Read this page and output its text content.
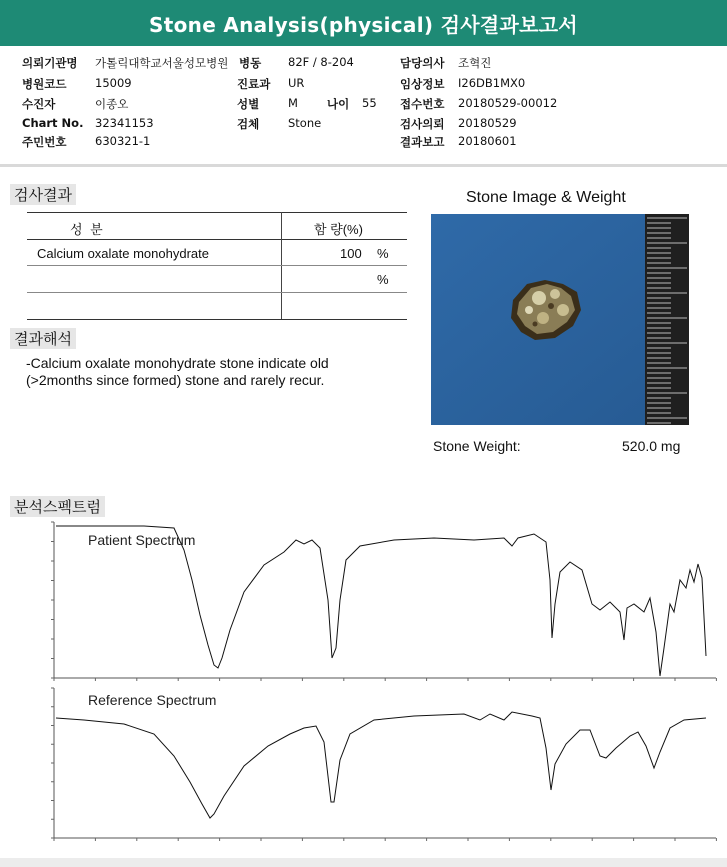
Stone Analysis(physical) 검사결과보고서
의뢰기관명 가톨릭대학교서울성모병원
병원코드 15009
수진자	이종오
Chart No. 32341153
주민번호 630321-1
병동 82F / 8-204
진료과 UR
성별	M	나이 55
검체	Stone
담당의사 조혁진
임상정보 I26DB1MX0
접수번호 20180529-00012
검사의뢰 20180529
결과보고 20180601
검사결과
성 분	함 량(%)
Calcium oxalate monohydrate	100 %
%
결과해석
-Calcium oxalate monohydrate stone indicate old
(>2months since formed) stone and rarely recur.
Stone Image & Weight
Stone Weight:	520.0 mg
분석스펙트럼
Patient Spectrum
Reference Spectrum
